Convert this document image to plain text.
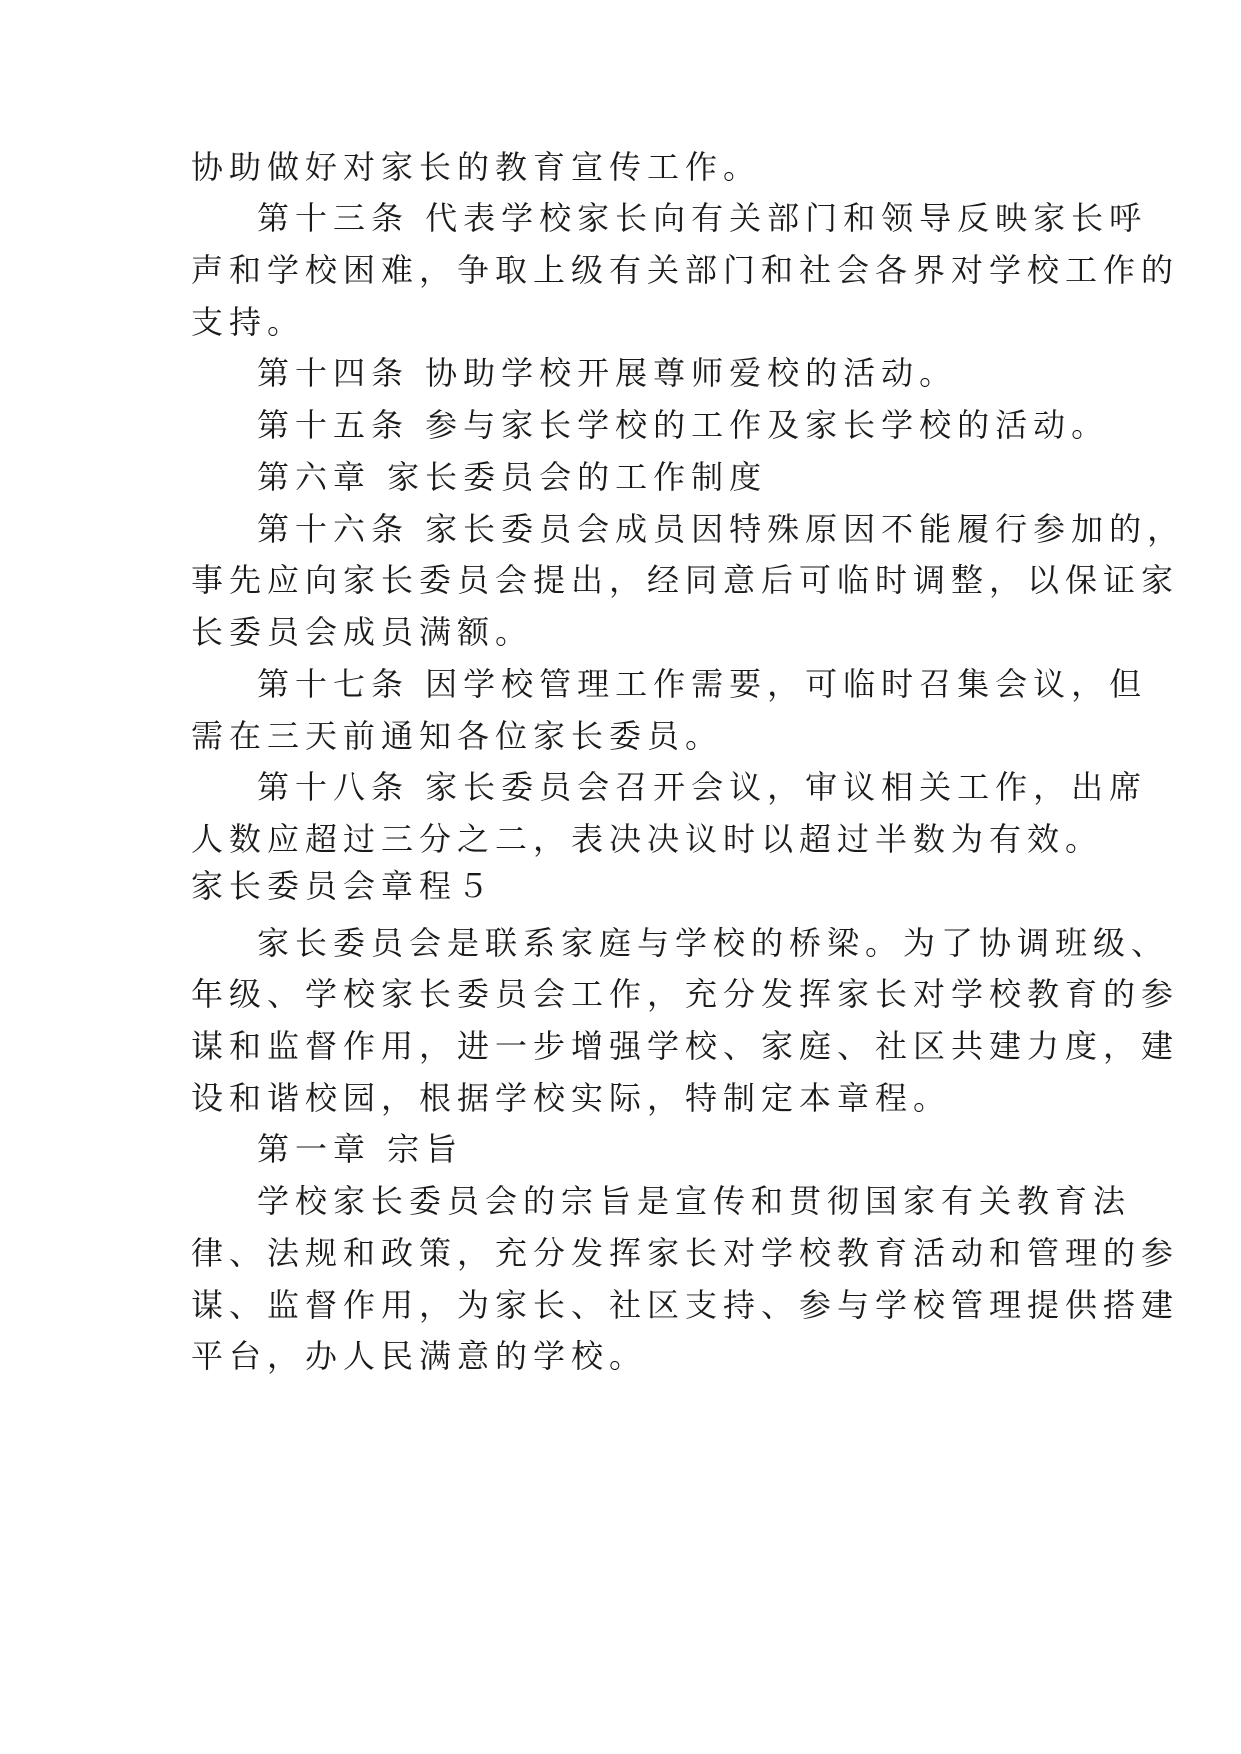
协助做好对家长的教育宣传工作。

第十三条 代表学校家长向有关部门和领导反映家长呼

声和学校困难，争取上级有关部门和社会各界对学校工作的

支持。

第十四条 协助学校开展尊师爱校的活动。

第十五条 参与家长学校的工作及家长学校的活动。

第六章 家长委员会的工作制度

第十六条 家长委员会成员因特殊原因不能履行参加的，

事先应向家长委员会提出，经同意后可临时调整，以保证家

长委员会成员满额。

第十七条 因学校管理工作需要，可临时召集会议，但

需在三天前通知各位家长委员。

第十八条 家长委员会召开会议，审议相关工作，出席

人数应超过三分之二，表决决议时以超过半数为有效。

家长委员会章程５

家长委员会是联系家庭与学校的桥梁。为了协调班级、

年级、学校家长委员会工作，充分发挥家长对学校教育的参

谋和监督作用，进一步增强学校、家庭、社区共建力度，建

设和谐校园，根据学校实际，特制定本章程。

第一章 宗旨

学校家长委员会的宗旨是宣传和贯彻国家有关教育法

律、法规和政策，充分发挥家长对学校教育活动和管理的参

谋、监督作用，为家长、社区支持、参与学校管理提供搭建

平台，办人民满意的学校。
